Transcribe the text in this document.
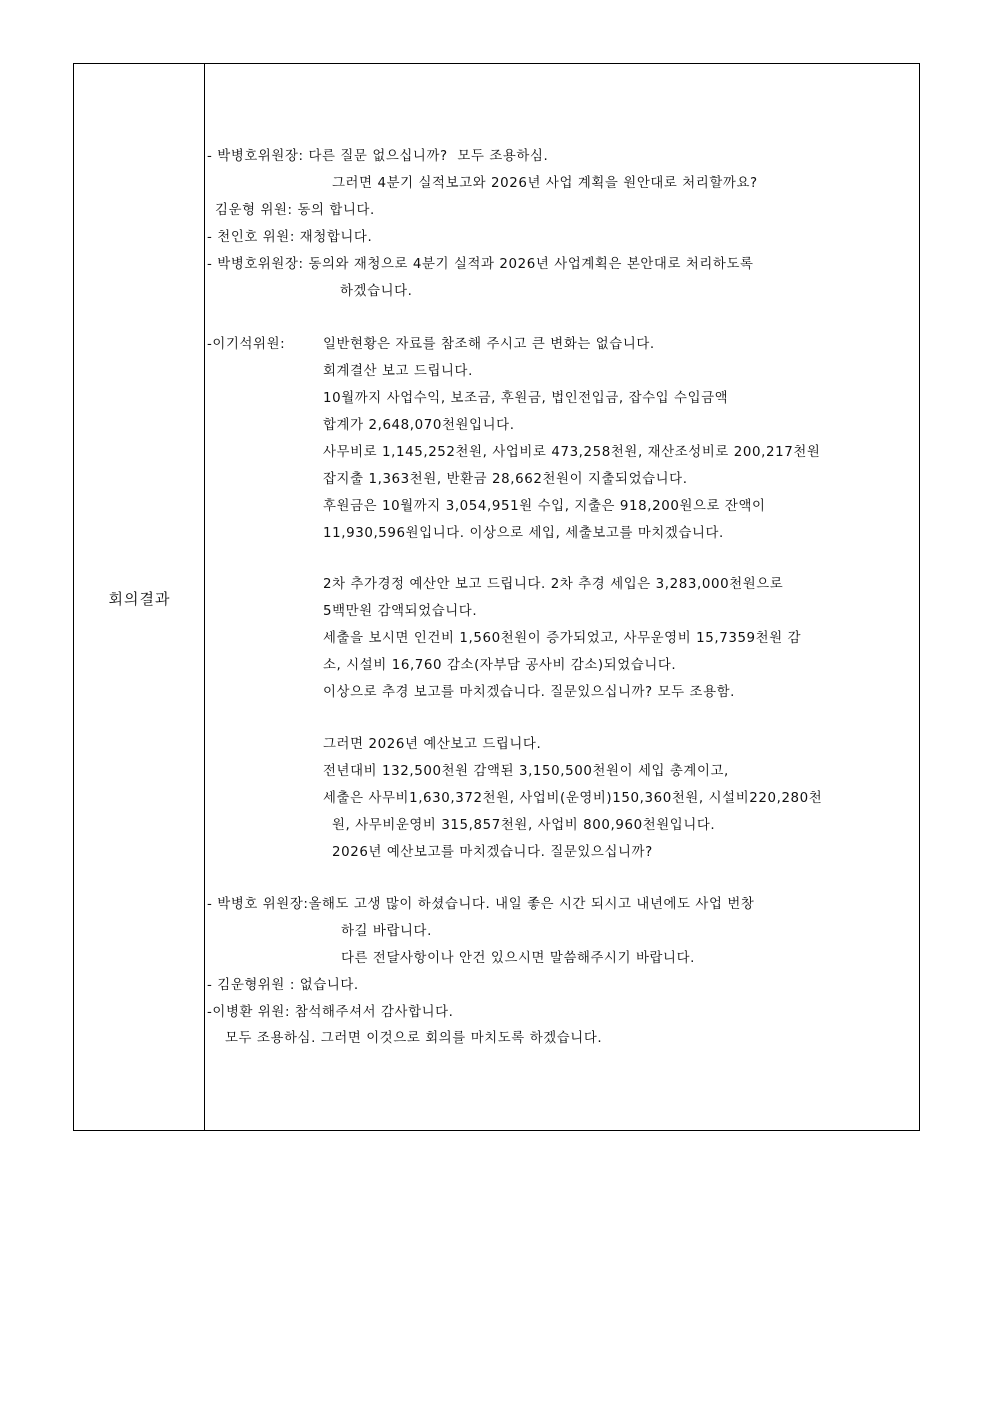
회의결과
- 박병호위원장: 다른 질문 없으십니까?  모두 조용하심.
그러면 4분기 실적보고와 2026년 사업 계획을 원안대로 처리할까요?
김운형 위원: 동의 합니다.
- 천인호 위원: 재청합니다.
- 박병호위원장: 동의와 재청으로 4분기 실적과 2026년 사업계획은 본안대로 처리하도록
하겠습니다.
-이기석위원:	일반현황은 자료를 참조해 주시고 큰 변화는 없습니다.
회계결산 보고 드립니다.
10월까지 사업수익, 보조금, 후원금, 법인전입금, 잡수입 수입금액
합계가 2,648,070천원입니다.
사무비로 1,145,252천원, 사업비로 473,258천원, 재산조성비로 200,217천원
잡지출 1,363천원, 반환금 28,662천원이 지출되었습니다.
후원금은 10월까지 3,054,951원 수입, 지출은 918,200원으로 잔액이
11,930,596원입니다. 이상으로 세입, 세출보고를 마치겠습니다.
2차 추가경정 예산안 보고 드립니다. 2차 추경 세입은 3,283,000천원으로
5백만원 감액되었습니다.
세출을 보시면 인건비 1,560천원이 증가되었고, 사무운영비 15,7359천원 감
소, 시설비 16,760 감소(자부담 공사비 감소)되었습니다.
이상으로 추경 보고를 마치겠습니다. 질문있으십니까? 모두 조용함.
그러면 2026년 예산보고 드립니다.
전년대비 132,500천원 감액된 3,150,500천원이 세입 총계이고,
세출은 사무비1,630,372천원, 사업비(운영비)150,360천원, 시설비220,280천
원, 사무비운영비 315,857천원, 사업비 800,960천원입니다.
2026년 예산보고를 마치겠습니다. 질문있으십니까?
- 박병호 위원장:올해도 고생 많이 하셨습니다. 내일 좋은 시간 되시고 내년에도 사업 번창
하길 바랍니다.
다른 전달사항이나 안건 있으시면 말씀해주시기 바랍니다.
- 김운형위원 : 없습니다.
-이병환 위원: 참석해주셔서 감사합니다.
모두 조용하심. 그러면 이것으로 회의를 마치도록 하겠습니다.
